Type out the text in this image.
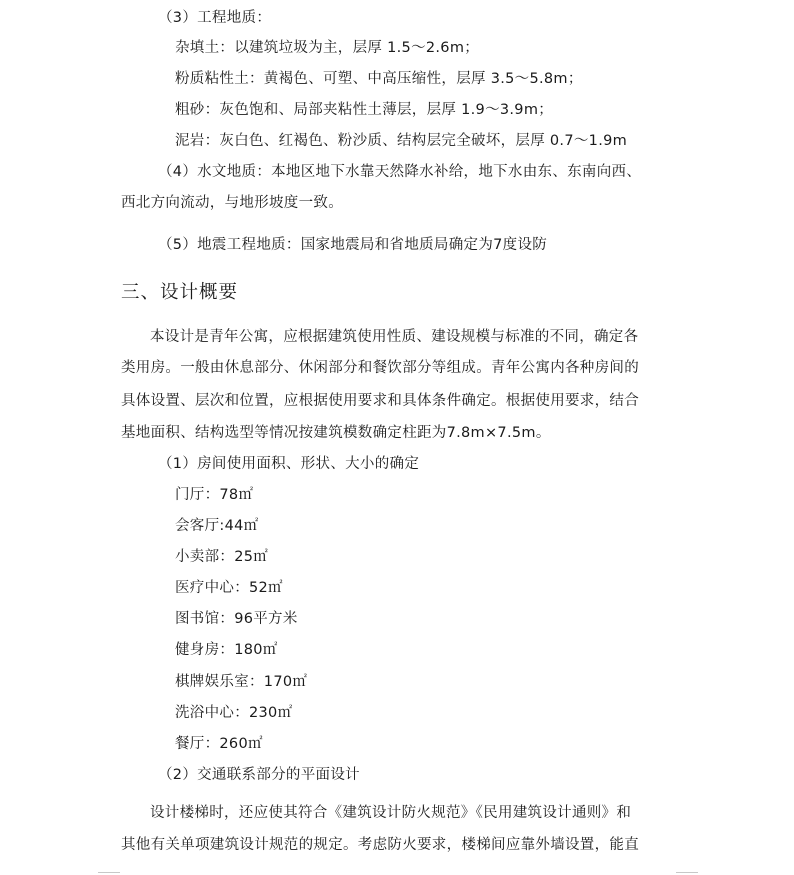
（3）工程地质：
杂填土：以建筑垃圾为主，层厚 1.5～2.6m；
粉质粘性土：黄褐色、可塑、中高压缩性，层厚 3.5～5.8m；
粗砂：灰色饱和、局部夹粘性土薄层，层厚 1.9～3.9m；
泥岩：灰白色、红褐色、粉沙质、结构层完全破坏，层厚 0.7～1.9m
（4）水文地质：本地区地下水靠天然降水补给，地下水由东、东南向西、
西北方向流动，与地形坡度一致。
（5）地震工程地质：国家地震局和省地质局确定为7度设防
三、设计概要
本设计是青年公寓，应根据建筑使用性质、建设规模与标准的不同，确定各
类用房。一般由休息部分、休闲部分和餐饮部分等组成。青年公寓内各种房间的
具体设置、层次和位置，应根据使用要求和具体条件确定。根据使用要求，结合
基地面积、结构选型等情况按建筑模数确定柱距为7.8m×7.5m。
（1）房间使用面积、形状、大小的确定
门厅：78㎡
会客厅:44㎡
小卖部：25㎡
医疗中心：52㎡
图书馆：96平方米
健身房：180㎡
棋牌娱乐室：170㎡
洗浴中心：230㎡
餐厅：260㎡
（2）交通联系部分的平面设计
设计楼梯时，还应使其符合《建筑设计防火规范》《民用建筑设计通则》和
其他有关单项建筑设计规范的规定。考虑防火要求，楼梯间应靠外墙设置，能直
